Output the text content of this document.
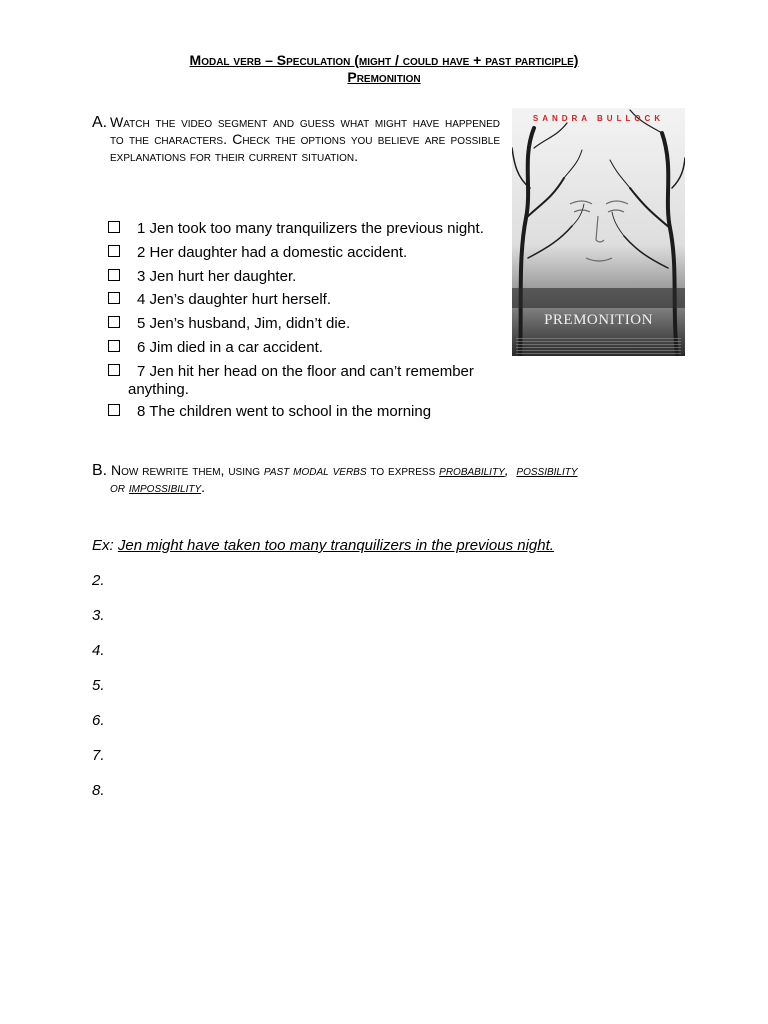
Modal verb – Speculation (might / could have + past participle)
Premonition
A. Watch the video segment and guess what might have happened to the characters. Check the options you believe are possible explanations for their current situation.
SANDRA BULLOCK
PREMONITION
1 Jen took too many tranquilizers the previous night.
2 Her daughter had a domestic accident.
3 Jen hurt her daughter.
4 Jen’s daughter hurt herself.
5 Jen’s husband, Jim, didn’t die.
6 Jim died in a car accident.
7 Jen hit her head on the floor and can’t remember
anything.
8 The children went to school in the morning
B. Now rewrite them, using past modal verbs to express probability, possibility
or impossibility.
Ex: Jen might have taken too many tranquilizers in the previous night.
2.
3.
4.
5.
6.
7.
8.
